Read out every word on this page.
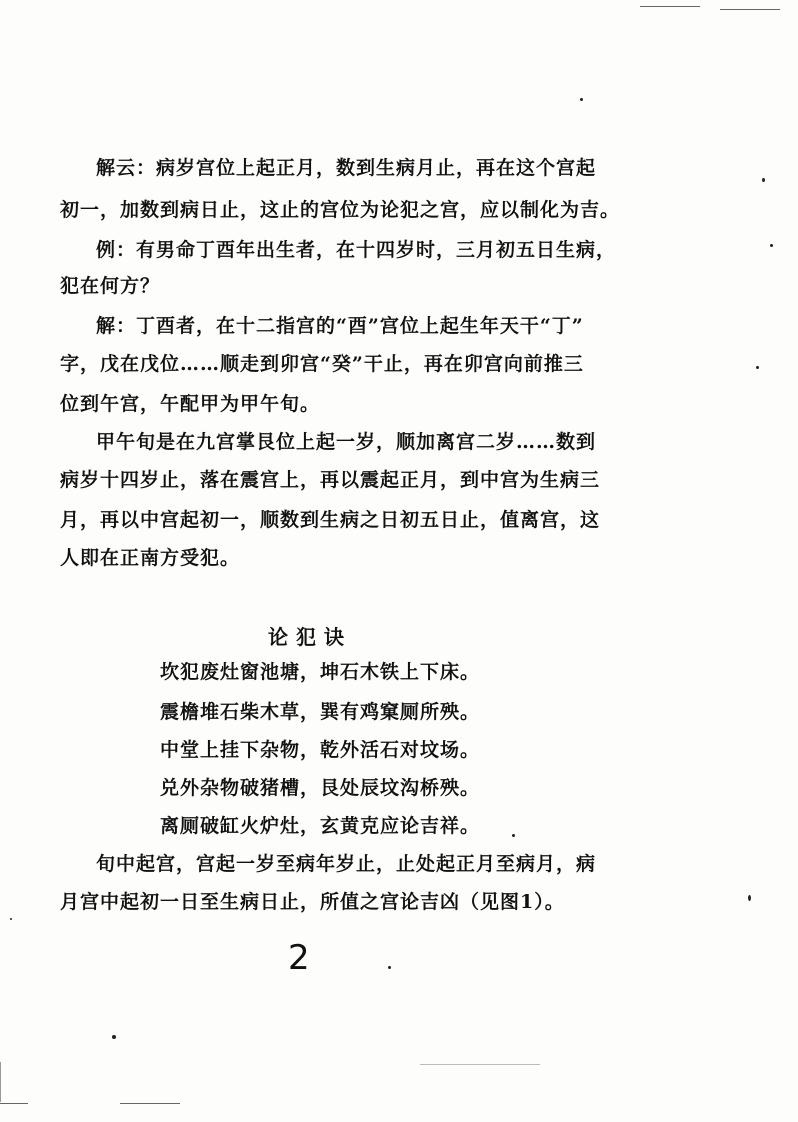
解云：病岁宫位上起正月，数到生病月止，再在这个宫起
初一，加数到病日止，这止的宫位为论犯之宫，应以制化为吉。
例：有男命丁酉年出生者，在十四岁时，三月初五日生病，
犯在何方？
解：丁酉者，在十二指宫的“酉”宫位上起生年天干“丁”
字，戊在戊位……顺走到卯宫“癸”干止，再在卯宫向前推三
位到午宫，午配甲为甲午旬。
甲午旬是在九宫掌艮位上起一岁，顺加离宫二岁……数到
病岁十四岁止，落在震宫上，再以震起正月，到中宫为生病三
月，再以中宫起初一，顺数到生病之日初五日止，值离宫，这
人即在正南方受犯。
论犯诀
坎犯废灶窗池塘，坤石木铁上下床。
震檐堆石柴木草，巽有鸡窠厕所殃。
中堂上挂下杂物，乾外活石对坟场。
兑外杂物破猪槽，艮处辰坟沟桥殃。
离厕破缸火炉灶，玄黄克应论吉祥。
旬中起宫，宫起一岁至病年岁止，止处起正月至病月，病
月宫中起初一日至生病日止，所值之宫论吉凶（见图1）。
2
